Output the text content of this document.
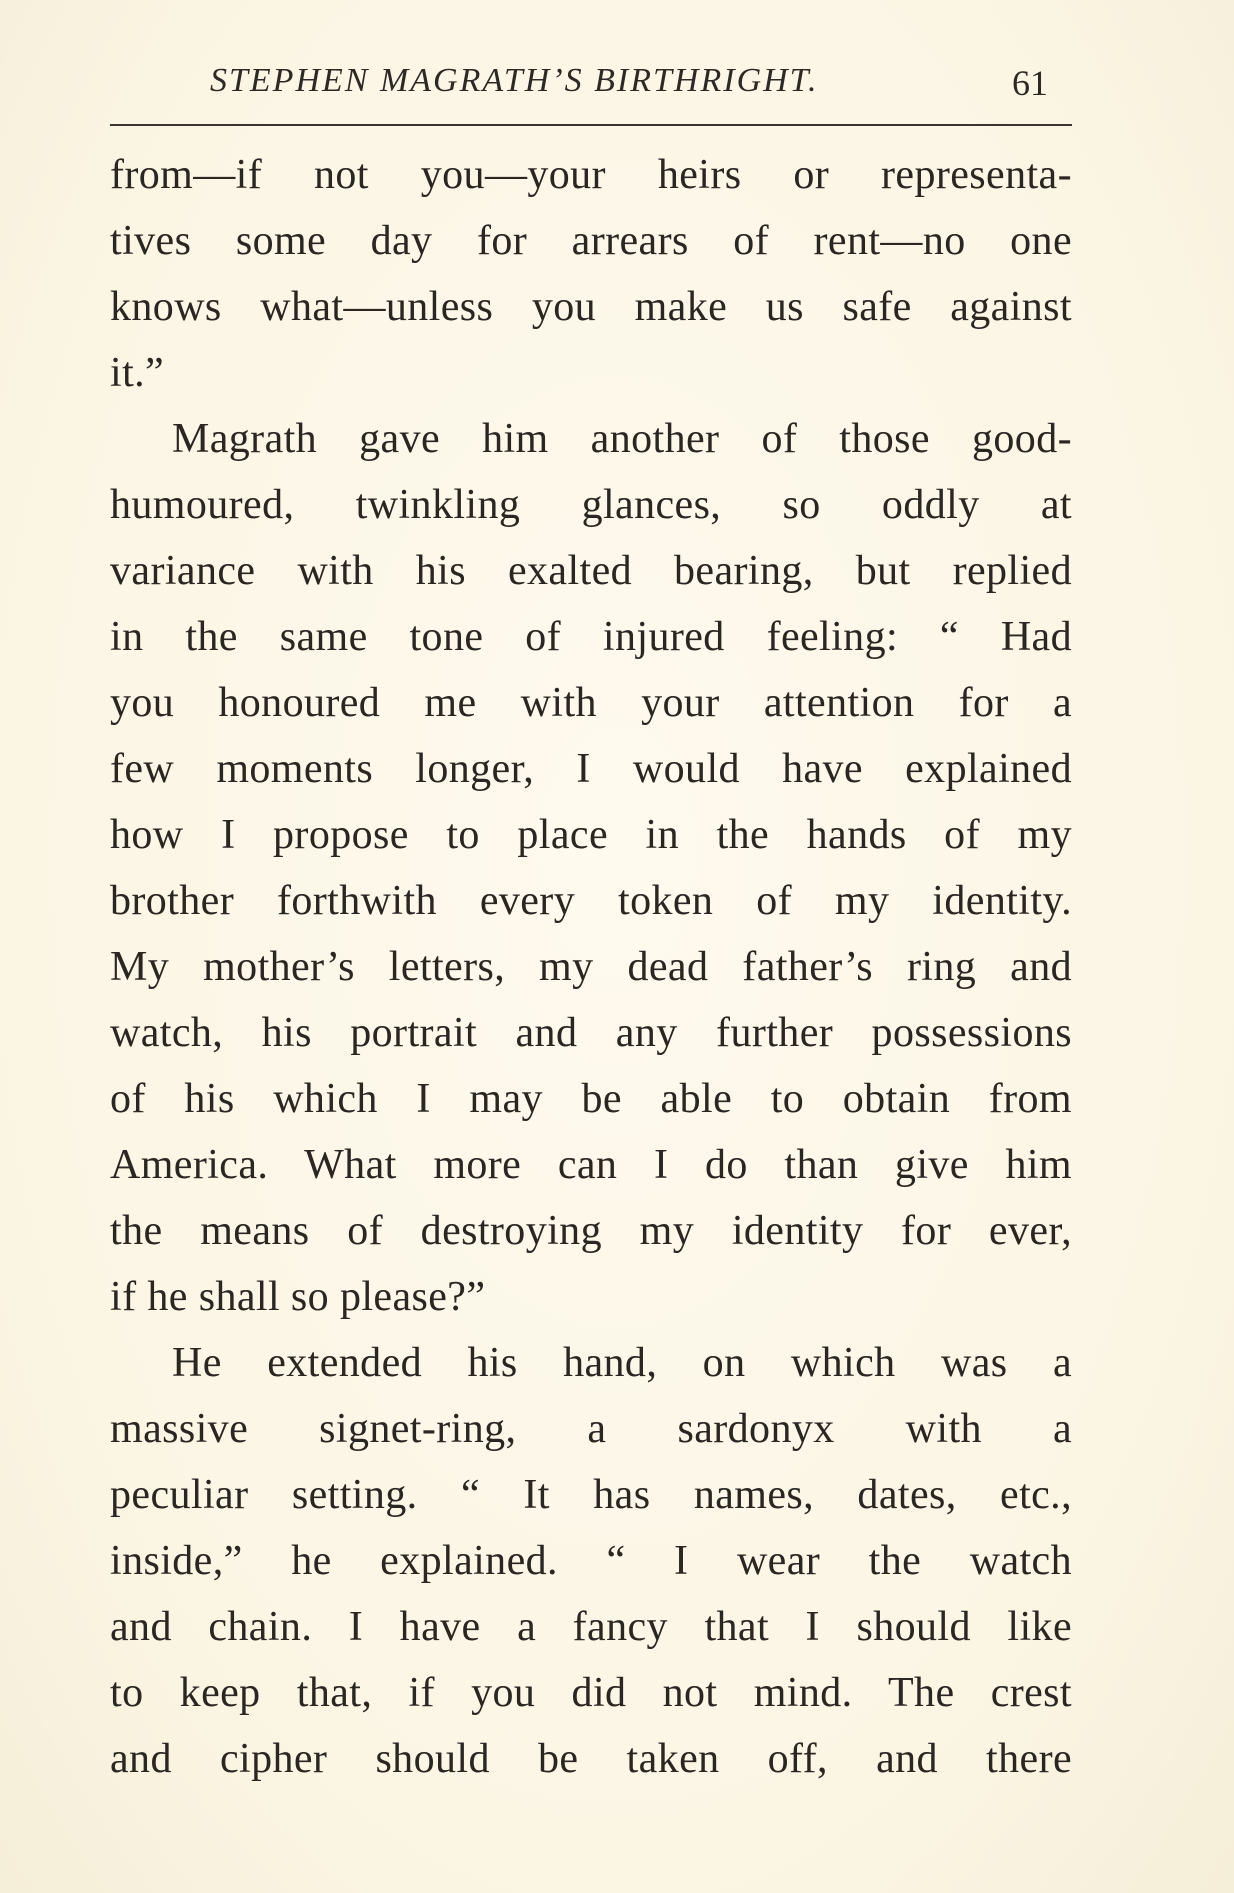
STEPHEN MAGRATH’S BIRTHRIGHT.	61
from—if not you—your heirs or representa-
tives some day for arrears of rent—no one
knows what—unless you make us safe against
it.”
Magrath gave him another of those good-
humoured, twinkling glances, so oddly at
variance with his exalted bearing, but replied
in the same tone of injured feeling: “ Had
you honoured me with your attention for a
few moments longer, I would have explained
how I propose to place in the hands of my
brother forthwith every token of my identity.
My mother’s letters, my dead father’s ring and
watch, his portrait and any further possessions
of his which I may be able to obtain from
America. What more can I do than give him
the means of destroying my identity for ever,
if he shall so please?”
He extended his hand, on which was a
massive signet-ring, a sardonyx with a
peculiar setting. “ It has names, dates, etc.,
inside,” he explained. “ I wear the watch
and chain. I have a fancy that I should like
to keep that, if you did not mind. The crest
and cipher should be taken off, and there
